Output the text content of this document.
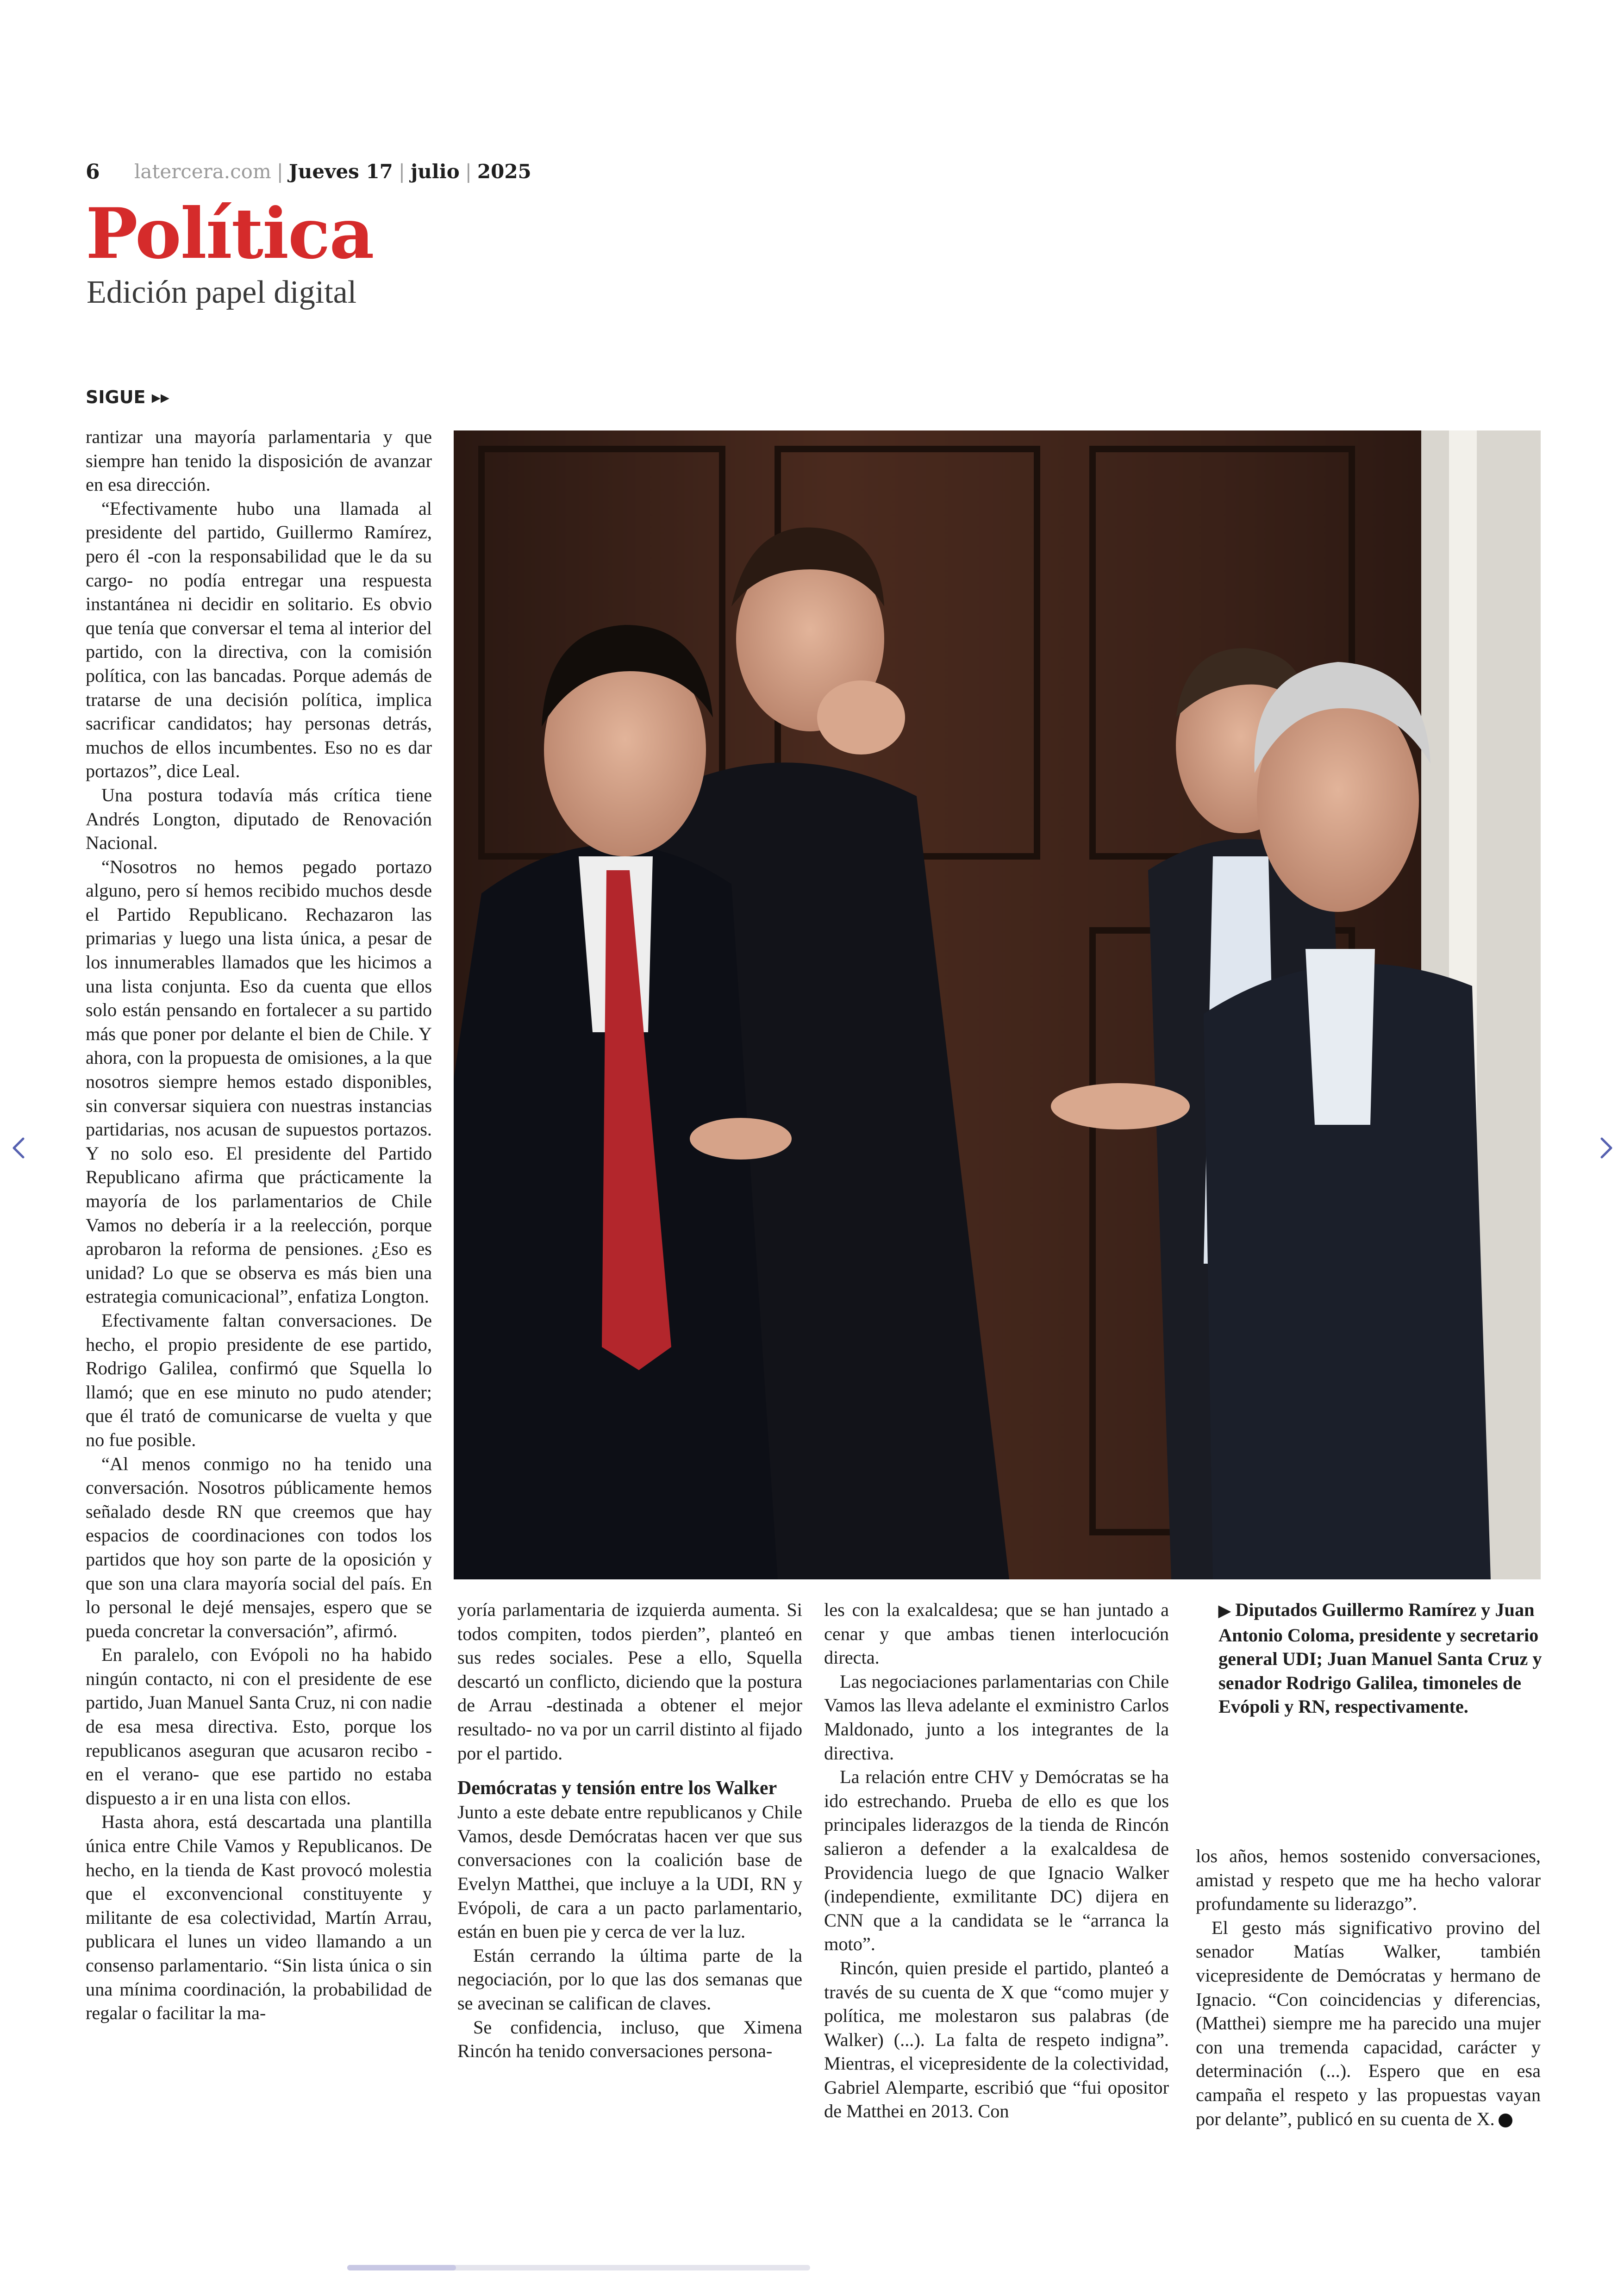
6 latercera.com | Jueves 17 | julio | 2025
Política
Edición papel digital
SIGUE ▸▸

rantizar una mayoría parlamentaria y que siempre han tenido la disposición de avanzar en esa dirección.

“Efectivamente hubo una llamada al presidente del partido, Guillermo Ramírez, pero él -con la responsabilidad que le da su cargo- no podía entregar una respuesta instantánea ni decidir en solitario. Es obvio que tenía que conversar el tema al interior del partido, con la directiva, con la comisión política, con las bancadas. Porque además de tratarse de una decisión política, implica sacrificar candidatos; hay personas detrás, muchos de ellos incumbentes. Eso no es dar portazos”, dice Leal.

Una postura todavía más crítica tiene Andrés Longton, diputado de Renovación Nacional.

“Nosotros no hemos pegado portazo alguno, pero sí hemos recibido muchos desde el Partido Republicano. Rechazaron las primarias y luego una lista única, a pesar de los innumerables llamados que les hicimos a una lista conjunta. Eso da cuenta que ellos solo están pensando en fortalecer a su partido más que poner por delante el bien de Chile. Y ahora, con la propuesta de omisiones, a la que nosotros siempre hemos estado disponibles, sin conversar siquiera con nuestras instancias partidarias, nos acusan de supuestos portazos. Y no solo eso. El presidente del Partido Republicano afirma que prácticamente la mayoría de los parlamentarios de Chile Vamos no debería ir a la reelección, porque aprobaron la reforma de pensiones. ¿Eso es unidad? Lo que se observa es más bien una estrategia comunicacional”, enfatiza Longton.

Efectivamente faltan conversaciones. De hecho, el propio presidente de ese partido, Rodrigo Galilea, confirmó que Squella lo llamó; que en ese minuto no pudo atender; que él trató de comunicarse de vuelta y que no fue posible.

“Al menos conmigo no ha tenido una conversación. Nosotros públicamente hemos señalado desde RN que creemos que hay espacios de coordinaciones con todos los partidos que hoy son parte de la oposición y que son una clara mayoría social del país. En lo personal le dejé mensajes, espero que se pueda concretar la conversación”, afirmó.

En paralelo, con Evópoli no ha habido ningún contacto, ni con el presidente de ese partido, Juan Manuel Santa Cruz, ni con nadie de esa mesa directiva. Esto, porque los republicanos aseguran que acusaron recibo -en el verano- que ese partido no estaba dispuesto a ir en una lista con ellos.

Hasta ahora, está descartada una plantilla única entre Chile Vamos y Republicanos. De hecho, en la tienda de Kast provocó molestia que el exconvencional constituyente y militante de esa colectividad, Martín Arrau, publicara el lunes un video llamando a un consenso parlamentario. “Sin lista única o sin una mínima coordinación, la probabilidad de regalar o facilitar la ma-

yoría parlamentaria de izquierda aumenta. Si todos compiten, todos pierden”, planteó en sus redes sociales. Pese a ello, Squella descartó un conflicto, diciendo que la postura de Arrau -destinada a obtener el mejor resultado- no va por un carril distinto al fijado por el partido.

Demócratas y tensión entre los Walker

Junto a este debate entre republicanos y Chile Vamos, desde Demócratas hacen ver que sus conversaciones con la coalición base de Evelyn Matthei, que incluye a la UDI, RN y Evópoli, de cara a un pacto parlamentario, están en buen pie y cerca de ver la luz.

Están cerrando la última parte de la negociación, por lo que las dos semanas que se avecinan se califican de claves.

Se confidencia, incluso, que Ximena Rincón ha tenido conversaciones persona-

les con la exalcaldesa; que se han juntado a cenar y que ambas tienen interlocución directa.

Las negociaciones parlamentarias con Chile Vamos las lleva adelante el exministro Carlos Maldonado, junto a los integrantes de la directiva.

La relación entre CHV y Demócratas se ha ido estrechando. Prueba de ello es que los principales liderazgos de la tienda de Rincón salieron a defender a la exalcaldesa de Providencia luego de que Ignacio Walker (independiente, exmilitante DC) dijera en CNN que a la candidata se le “arranca la moto”.

Rincón, quien preside el partido, planteó a través de su cuenta de X que “como mujer y política, me molestaron sus palabras (de Walker) (...). La falta de respeto indigna”. Mientras, el vicepresidente de la colectividad, Gabriel Alemparte, escribió que “fui opositor de Matthei en 2013. Con

▶ Diputados Guillermo Ramírez y Juan Antonio Coloma, presidente y secretario general UDI; Juan Manuel Santa Cruz y senador Rodrigo Galilea, timoneles de Evópoli y RN, respectivamente.

los años, hemos sostenido conversaciones, amistad y respeto que me ha hecho valorar profundamente su liderazgo”.

El gesto más significativo provino del senador Matías Walker, también vicepresidente de Demócratas y hermano de Ignacio. “Con coincidencias y diferencias, (Matthei) siempre me ha parecido una mujer con una tremenda capacidad, carácter y determinación (...). Espero que en esa campaña el respeto y las propuestas vayan por delante”, publicó en su cuenta de X.
